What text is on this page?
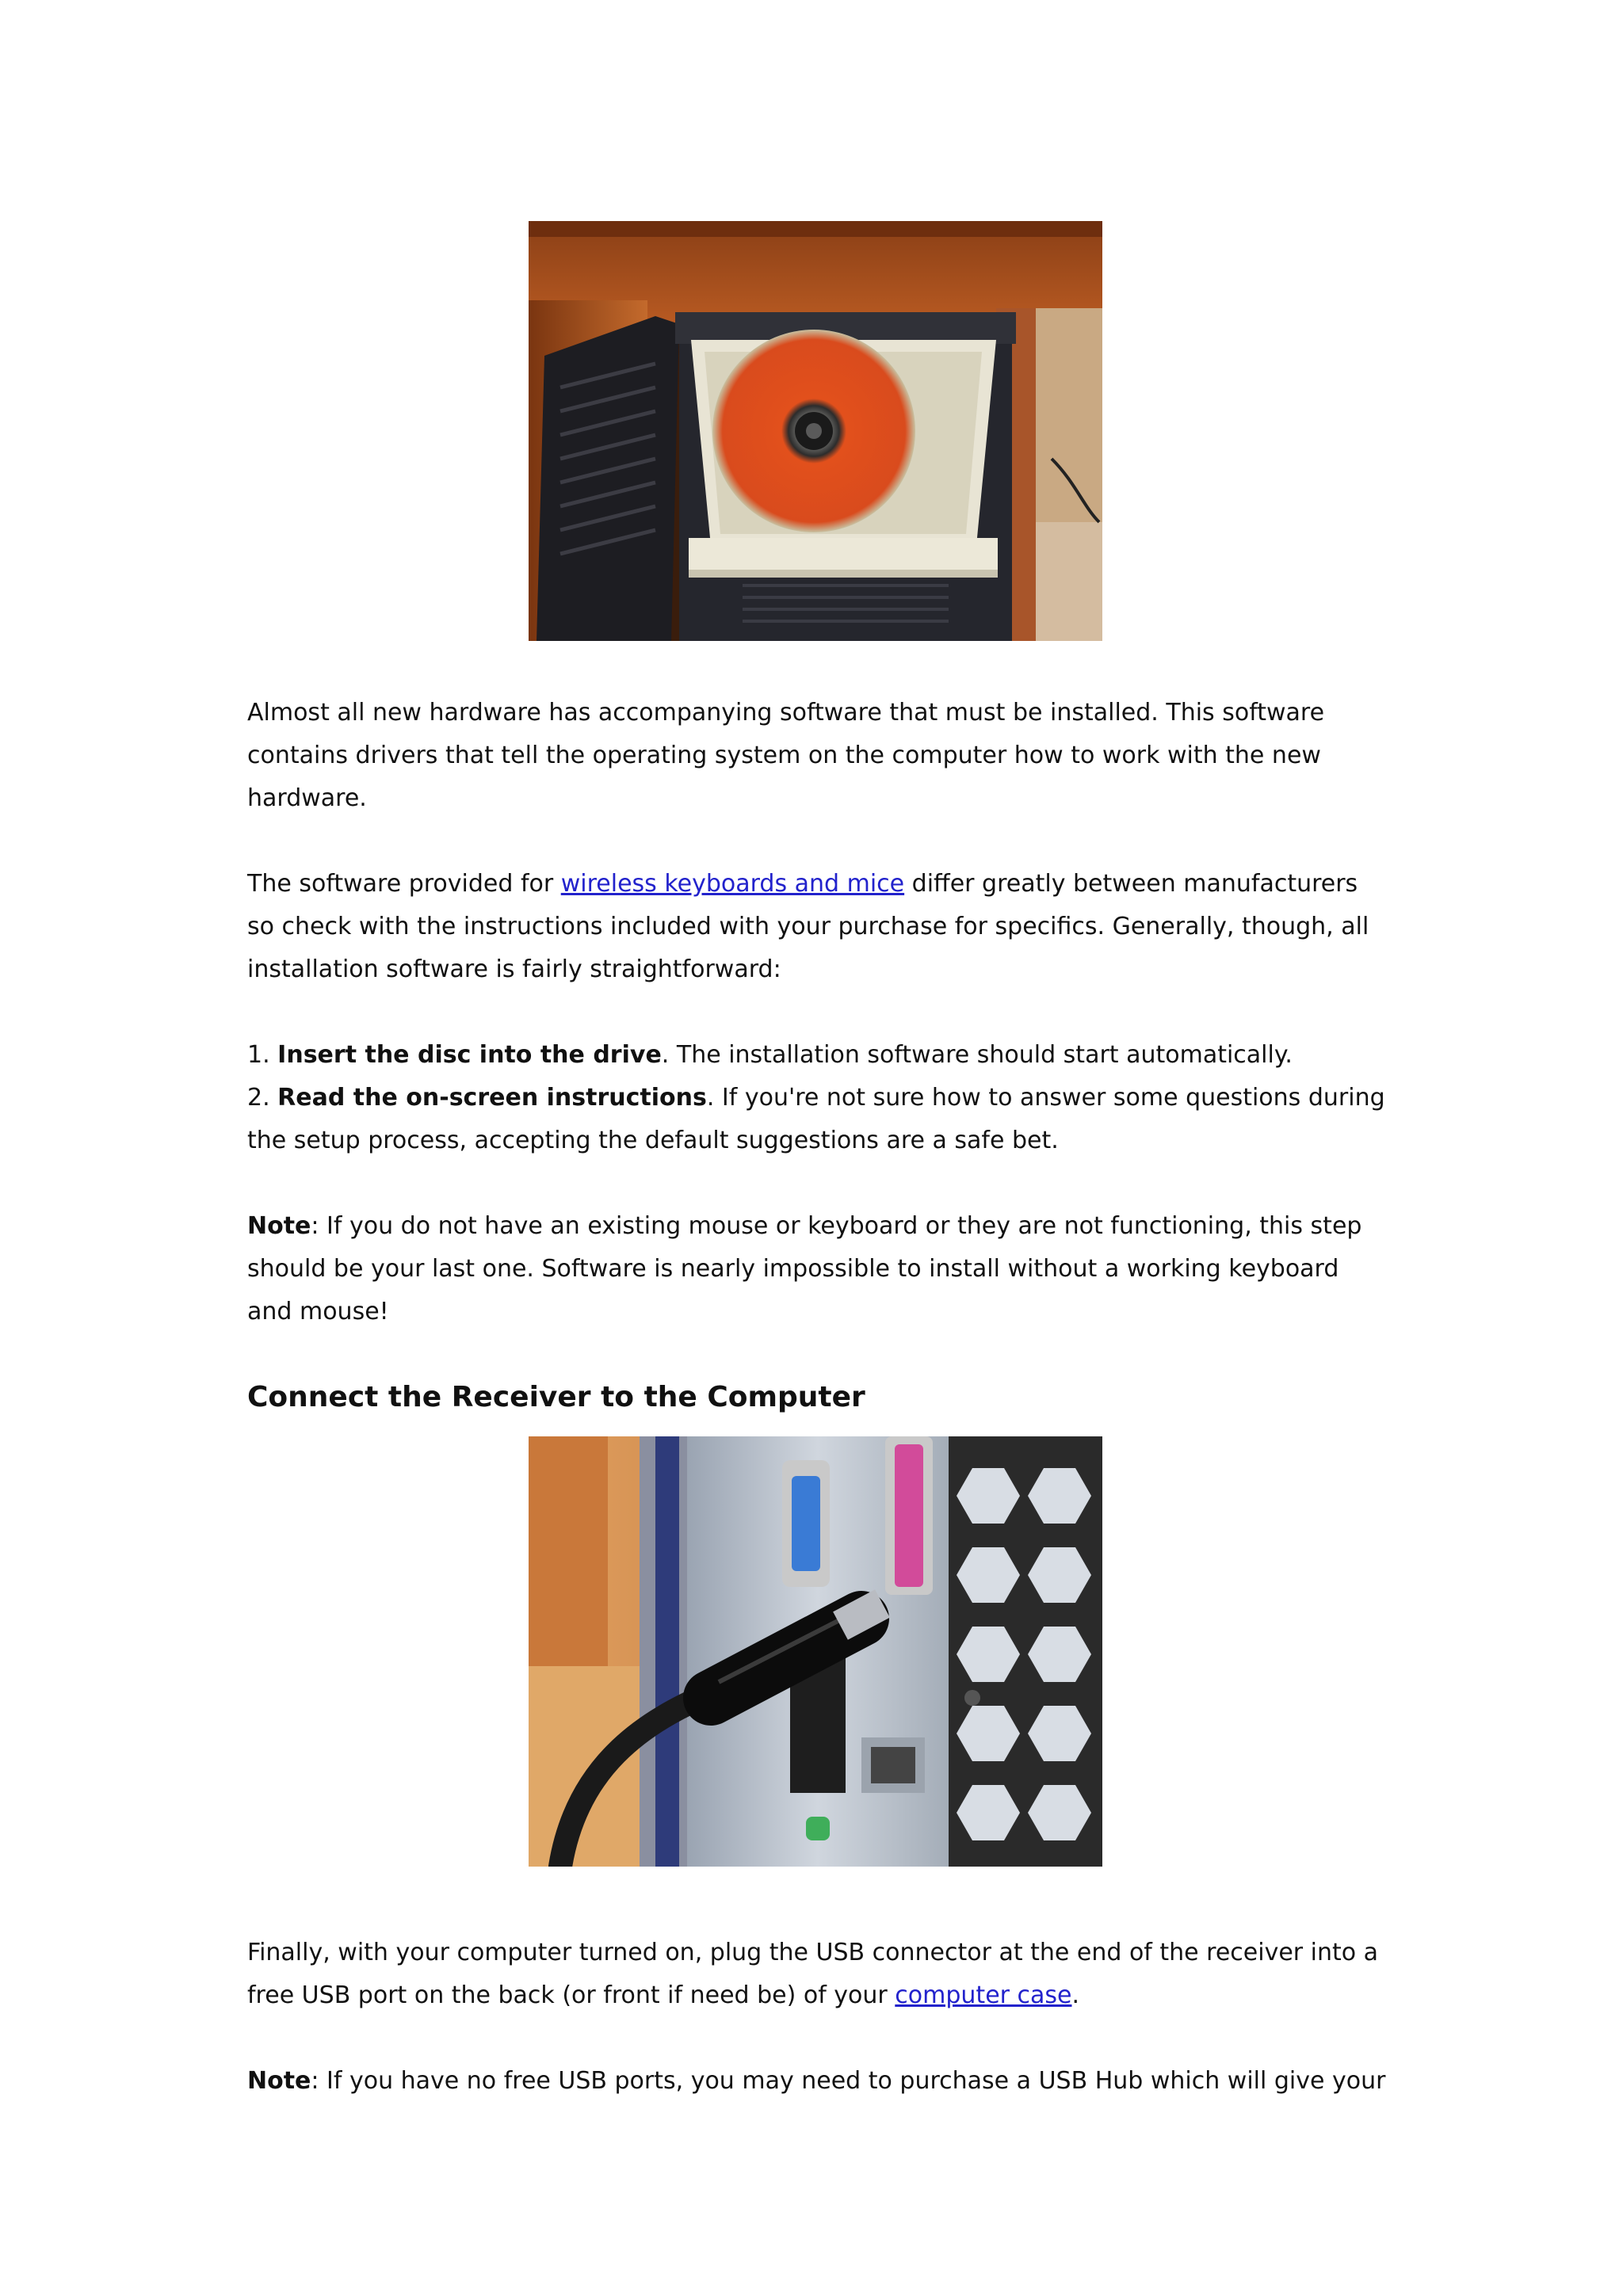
Almost all new hardware has accompanying software that must be installed. This software contains drivers that tell the operating system on the computer how to work with the new hardware.

The software provided for wireless keyboards and mice differ greatly between manufacturers so check with the instructions included with your purchase for specifics. Generally, though, all installation software is fairly straightforward:

1. Insert the disc into the drive. The installation software should start automatically.

2. Read the on-screen instructions. If you're not sure how to answer some questions during the setup process, accepting the default suggestions are a safe bet.

Note: If you do not have an existing mouse or keyboard or they are not functioning, this step should be your last one. Software is nearly impossible to install without a working keyboard and mouse!

Connect the Receiver to the Computer

Finally, with your computer turned on, plug the USB connector at the end of the receiver into a free USB port on the back (or front if need be) of your computer case.

Note: If you have no free USB ports, you may need to purchase a USB Hub which will give your
